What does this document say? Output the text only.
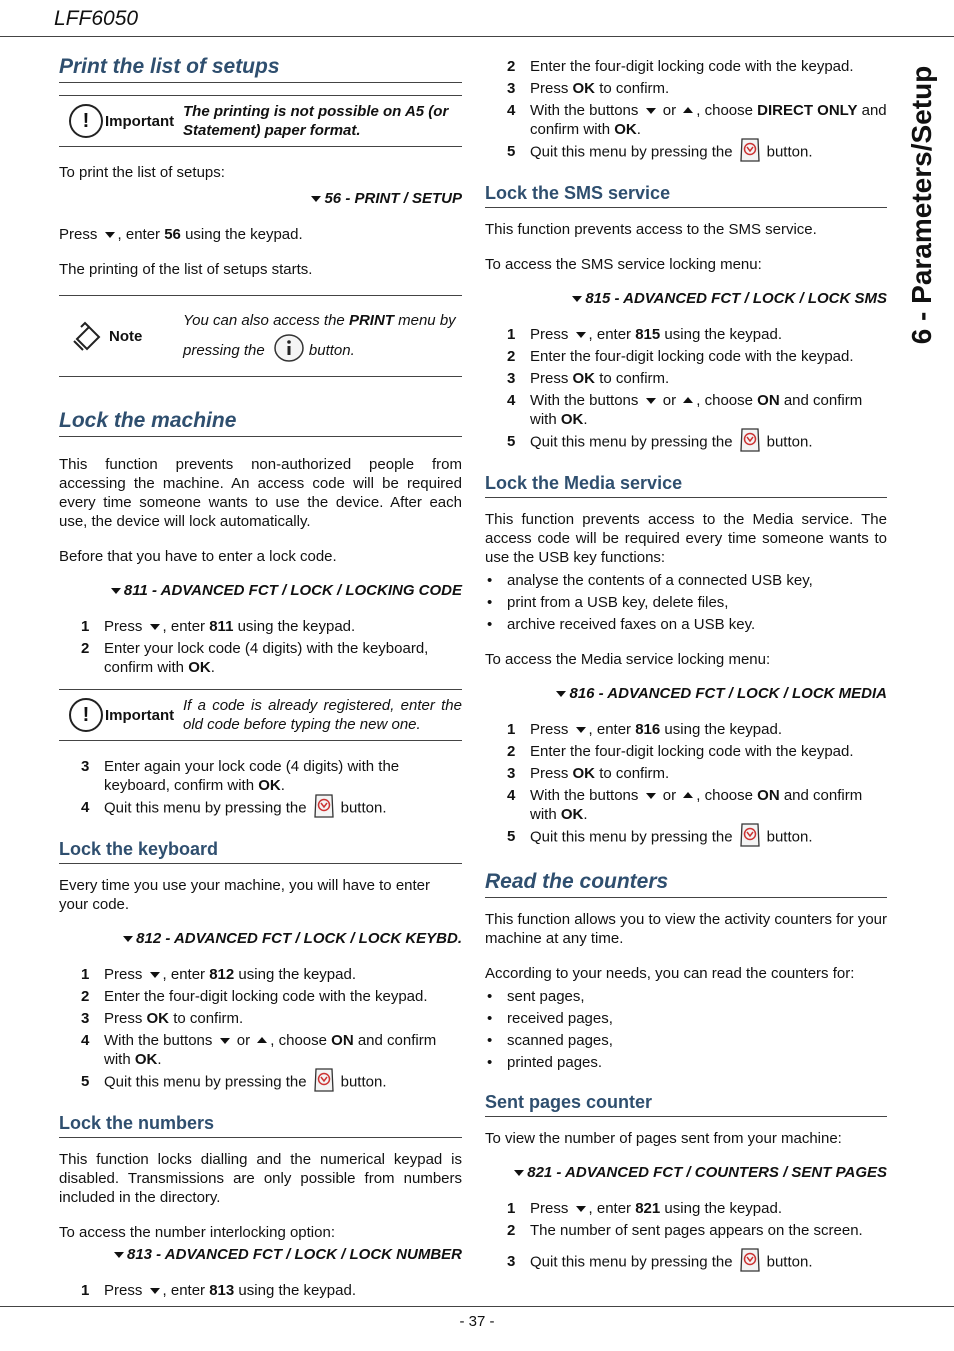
LFF6050
6 - Parameters/Setup
Print the list of setups
!	Important
The printing is not possible on A5 (or Statement) paper format.

To print the list of setups:

56 - PRINT / SETUP

Press , enter 56 using the keypad.

The printing of the list of setups starts.

Note
You can also access the PRINT menu by pressing the	button.
Lock the machine

This function prevents non-authorized people from accessing the machine. An access code will be required every time someone wants to use the device. After each use, the device will lock automatically.

Before that you have to enter a lock code.

811 - ADVANCED FCT / LOCK / LOCKING CODE
1 Press , enter 811 using the keypad.
2 Enter your lock code (4 digits) with the keyboard, confirm with OK.
!	Important
If a code is already registered, enter the old code before typing the new one.
3 Enter again your lock code (4 digits) with the keyboard, confirm with OK.
4 Quit this menu by pressing the button.
Lock the keyboard

Every time you use your machine, you will have to enter your code.

812 - ADVANCED FCT / LOCK / LOCK KEYBD.
1 Press , enter 812 using the keypad.
2 Enter the four-digit locking code with the keypad.
3 Press OK to confirm.
4 With the buttons or , choose ON and confirm with OK.
5 Quit this menu by pressing the button.
Lock the numbers

This function locks dialling and the numerical keypad is disabled. Transmissions are only possible from numbers included in the directory.

To access the number interlocking option:

813 - ADVANCED FCT / LOCK / LOCK NUMBER
1 Press , enter 813 using the keypad.
2 Enter the four-digit locking code with the keypad.
3 Press OK to confirm.
4 With the buttons or , choose DIRECT ONLY and confirm with OK.
5 Quit this menu by pressing the button.
Lock the SMS service

This function prevents access to the SMS service.

To access the SMS service locking menu:

815 - ADVANCED FCT / LOCK / LOCK SMS
1 Press , enter 815 using the keypad.
2 Enter the four-digit locking code with the keypad.
3 Press OK to confirm.
4 With the buttons or , choose ON and confirm with OK.
5 Quit this menu by pressing the button.
Lock the Media service

This function prevents access to the Media service. The access code will be required every time someone wants to use the USB key functions:

• analyse the contents of a connected USB key,
• print from a USB key, delete files,
• archive received faxes on a USB key.

To access the Media service locking menu:

816 - ADVANCED FCT / LOCK / LOCK MEDIA
1 Press , enter 816 using the keypad.
2 Enter the four-digit locking code with the keypad.
3 Press OK to confirm.
4 With the buttons or , choose ON and confirm with OK.
5 Quit this menu by pressing the button.
Read the counters

This function allows you to view the activity counters for your machine at any time.

According to your needs, you can read the counters for:

• sent pages,
• received pages,
• scanned pages,
• printed pages.
Sent pages counter

To view the number of pages sent from your machine:

821 - ADVANCED FCT / COUNTERS / SENT PAGES
1 Press , enter 821 using the keypad.
2 The number of sent pages appears on the screen.
3 Quit this menu by pressing the button.
- 37 -
